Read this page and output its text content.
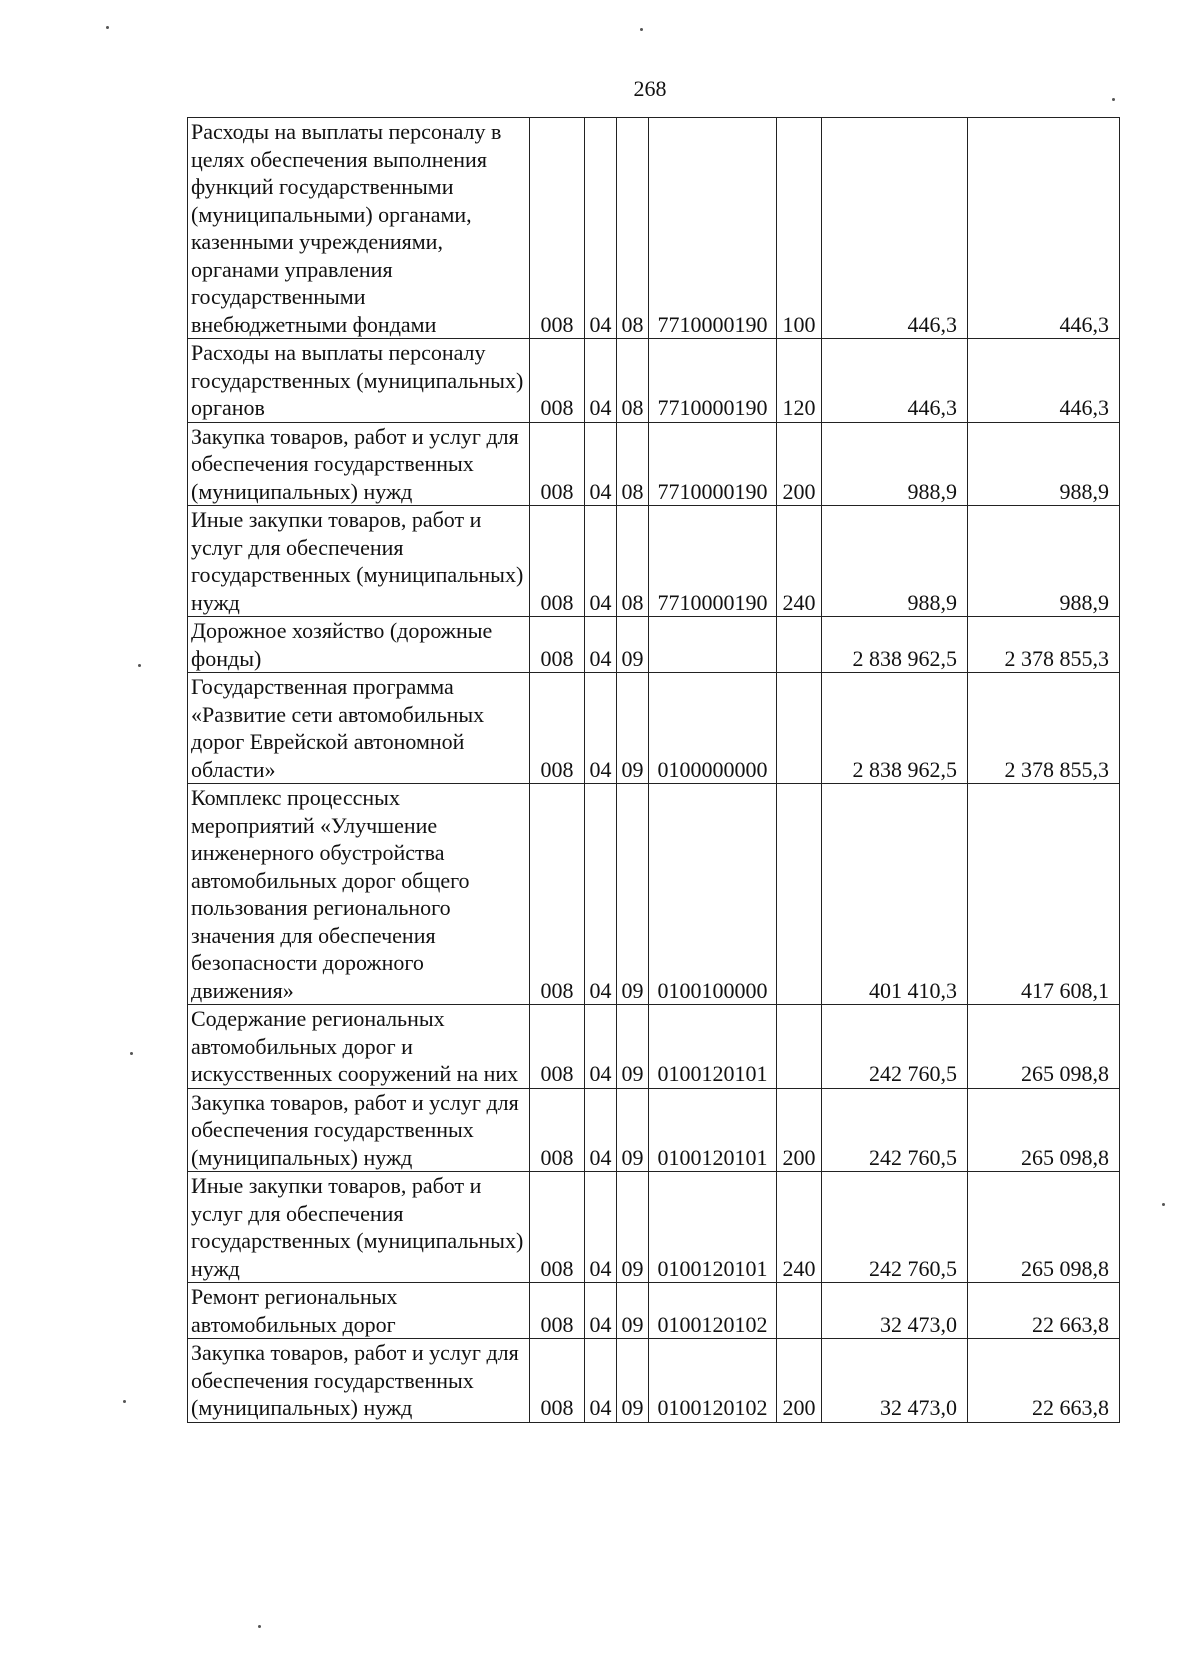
268
Расходы на выплаты персоналу в целях обеспечения выполнения функций государственными (муниципальными) органами, казенными учреждениями, органами управления государственными внебюджетными фондами	008	04	08	7710000190	100	446,3	446,3
Расходы на выплаты персоналу государственных (муниципальных) органов	008	04	08	7710000190	120	446,3	446,3
Закупка товаров, работ и услуг для обеспечения государственных (муниципальных) нужд	008	04	08	7710000190	200	988,9	988,9
Иные закупки товаров, работ и услуг для обеспечения государственных (муниципальных) нужд	008	04	08	7710000190	240	988,9	988,9
Дорожное хозяйство (дорожные фонды)	008	04	09			2 838 962,5	2 378 855,3
Государственная программа «Развитие сети автомобильных дорог Еврейской автономной области»	008	04	09	0100000000		2 838 962,5	2 378 855,3
Комплекс процессных мероприятий «Улучшение инженерного обустройства автомобильных дорог общего пользования регионального значения для обеспечения безопасности дорожного движения»	008	04	09	0100100000		401 410,3	417 608,1
Содержание региональных автомобильных дорог и искусственных сооружений на них	008	04	09	0100120101		242 760,5	265 098,8
Закупка товаров, работ и услуг для обеспечения государственных (муниципальных) нужд	008	04	09	0100120101	200	242 760,5	265 098,8
Иные закупки товаров, работ и услуг для обеспечения государственных (муниципальных) нужд	008	04	09	0100120101	240	242 760,5	265 098,8
Ремонт региональных автомобильных дорог	008	04	09	0100120102		32 473,0	22 663,8
Закупка товаров, работ и услуг для обеспечения государственных (муниципальных) нужд	008	04	09	0100120102	200	32 473,0	22 663,8
